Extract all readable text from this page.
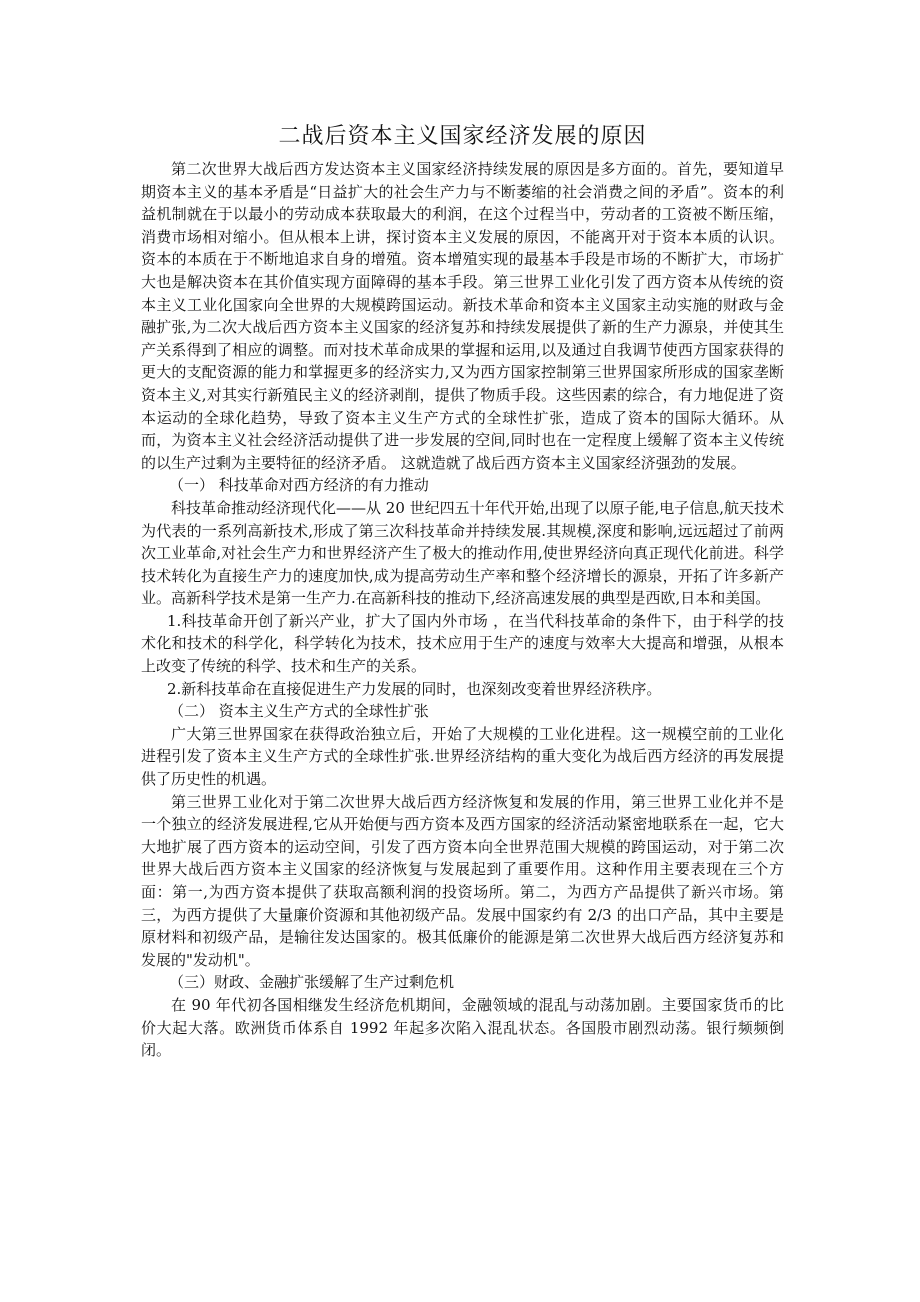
二战后资本主义国家经济发展的原因

第二次世界大战后西方发达资本主义国家经济持续发展的原因是多方面的。首先，要知道早期资本主义的基本矛盾是“日益扩大的社会生产力与不断萎缩的社会消费之间的矛盾”。资本的利益机制就在于以最小的劳动成本获取最大的利润，在这个过程当中，劳动者的工资被不断压缩，消费市场相对缩小。但从根本上讲，探讨资本主义发展的原因，不能离开对于资本本质的认识。资本的本质在于不断地追求自身的增殖。资本增殖实现的最基本手段是市场的不断扩大，市场扩大也是解决资本在其价值实现方面障碍的基本手段。第三世界工业化引发了西方资本从传统的资本主义工业化国家向全世界的大规模跨国运动。新技术革命和资本主义国家主动实施的财政与金融扩张,为二次大战后西方资本主义国家的经济复苏和持续发展提供了新的生产力源泉，并使其生产关系得到了相应的调整。而对技术革命成果的掌握和运用,以及通过自我调节使西方国家获得的更大的支配资源的能力和掌握更多的经济实力,又为西方国家控制第三世界国家所形成的国家垄断资本主义,对其实行新殖民主义的经济剥削，提供了物质手段。这些因素的综合，有力地促进了资本运动的全球化趋势，导致了资本主义生产方式的全球性扩张，造成了资本的国际大循环。从而，为资本主义社会经济活动提供了进一步发展的空间,同时也在一定程度上缓解了资本主义传统的以生产过剩为主要特征的经济矛盾。 这就造就了战后西方资本主义国家经济强劲的发展。

（一） 科技革命对西方经济的有力推动

科技革命推动经济现代化——从 20 世纪四五十年代开始,出现了以原子能,电子信息,航天技术为代表的一系列高新技术,形成了第三次科技革命并持续发展.其规模,深度和影响,远远超过了前两次工业革命,对社会生产力和世界经济产生了极大的推动作用,使世界经济向真正现代化前进。科学技术转化为直接生产力的速度加快,成为提高劳动生产率和整个经济增长的源泉，开拓了许多新产业。高新科学技术是第一生产力.在高新科技的推动下,经济高速发展的典型是西欧,日本和美国。

1.科技革命开创了新兴产业，扩大了国内外市场 ，在当代科技革命的条件下，由于科学的技术化和技术的科学化，科学转化为技术，技术应用于生产的速度与效率大大提高和增强，从根本上改变了传统的科学、技术和生产的关系。

2.新科技革命在直接促进生产力发展的同时，也深刻改变着世界经济秩序。

（二） 资本主义生产方式的全球性扩张

广大第三世界国家在获得政治独立后，开始了大规模的工业化进程。这一规模空前的工业化进程引发了资本主义生产方式的全球性扩张.世界经济结构的重大变化为战后西方经济的再发展提供了历史性的机遇。

第三世界工业化对于第二次世界大战后西方经济恢复和发展的作用，第三世界工业化并不是一个独立的经济发展进程,它从开始便与西方资本及西方国家的经济活动紧密地联系在一起，它大大地扩展了西方资本的运动空间，引发了西方资本向全世界范围大规模的跨国运动，对于第二次世界大战后西方资本主义国家的经济恢复与发展起到了重要作用。这种作用主要表现在三个方面：第一,为西方资本提供了获取高额利润的投资场所。第二，为西方产品提供了新兴市场。第三，为西方提供了大量廉价资源和其他初级产品。发展中国家约有 2/3 的出口产品，其中主要是原材料和初级产品，是输往发达国家的。极其低廉价的能源是第二次世界大战后西方经济复苏和发展的"发动机"。

（三）财政、金融扩张缓解了生产过剩危机

在 90 年代初各国相继发生经济危机期间，金融领域的混乱与动荡加剧。主要国家货币的比价大起大落。欧洲货币体系自 1992 年起多次陷入混乱状态。各国股市剧烈动荡。银行频频倒闭。
